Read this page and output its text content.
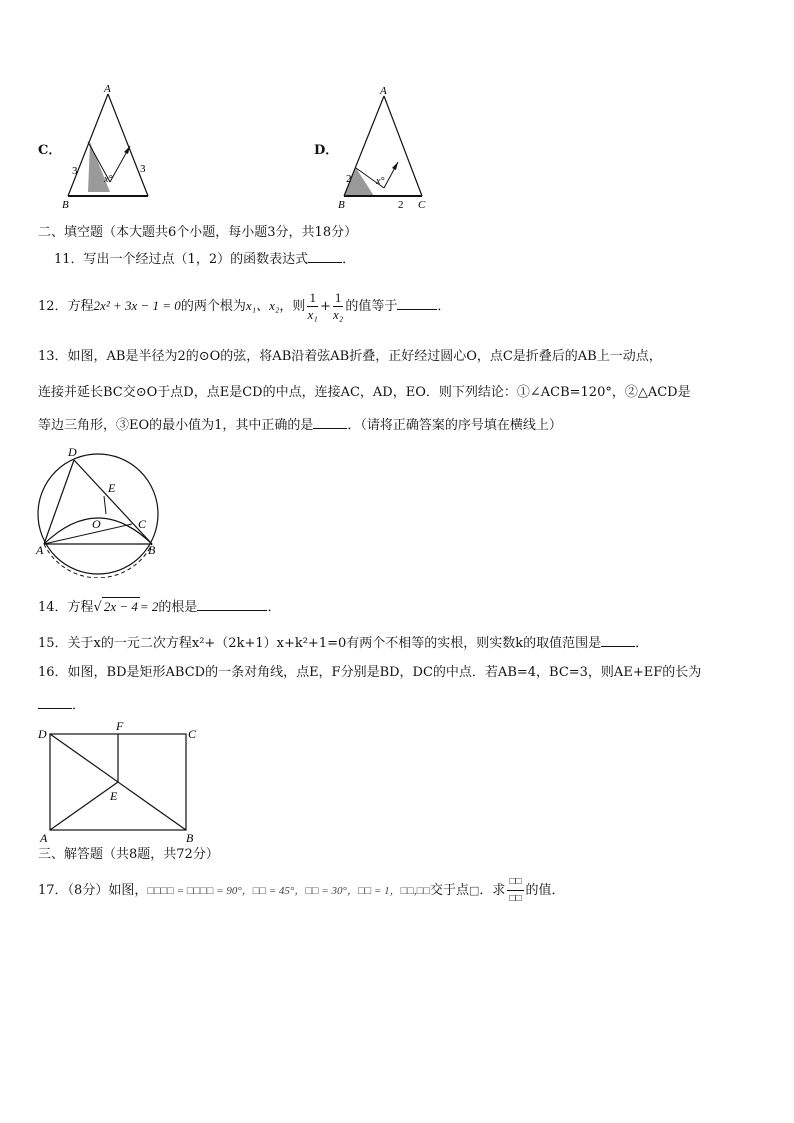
C．
A
B
3	3
x°
D．
A
B	C
2
2
x°
二、填空题（本大题共6个小题，每小题3分，共18分）
11．写出一个经过点（1，2）的函数表达式	．
12．方程2x² + 3x − 1 = 0的两个根为x₁、x₂，则 $\frac{1}{\text{x₁}} + \frac{1}{\text{x₂}}$ 的值等于	．
13．如图，AB是半径为2的⊙O的弦，将AB沿着弦AB折叠，正好经过圆心O，点C是折叠后的AB上一动点，
连接并延长BC交⊙O于点D，点E是CD的中点，连接AC，AD，EO．则下列结论：①∠ACB=120°，②△ACD是
等边三角形，③EO的最小值为1，其中正确的是	．（请将正确答案的序号填在横线上）
D
E
O	C
A	B
14．方程√ 2x − 4 = 2的根是	．
15．关于x的一元二次方程x²+（2k+1）x+k²+1=0有两个不相等的实根，则实数k的取值范围是	．
16．如图，BD是矩形ABCD的一条对角线，点E，F分别是BD，DC的中点．若AB=4，BC=3，则AE+EF的长为
．
D
F
C
E
A	B
三、解答题（共8题，共72分）
17．（8分）如图，□□□□ = □□□□ = 90°，□□ = 45°，□□ = 30°，□□ = 1，□□,□□交于点□．求 $\frac{□□}{□□}$ 的值．
